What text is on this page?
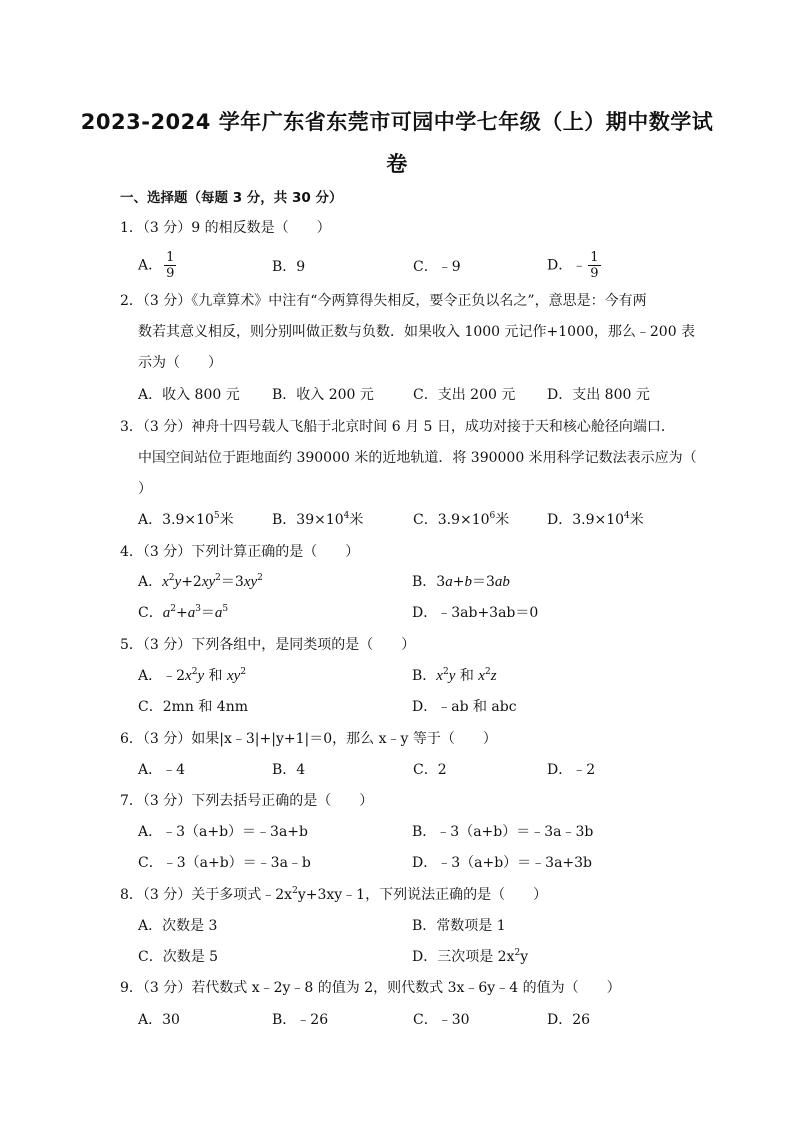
2023-2024 学年广东省东莞市可园中学七年级（上）期中数学试
卷
一、选择题（每题 3 分，共 30 分）
1．（3 分）9 的相反数是（　　）
A． $\frac{1}{9}$	B．9	C．﹣9	D．﹣ $\frac{1}{9}$
2．（3 分）《九章算术》中注有“今两算得失相反，要令正负以名之”，意思是：今有两
数若其意义相反，则分别叫做正数与负数．如果收入 1000 元记作+1000，那么﹣200 表
示为（　　）
A．收入 800 元 B．收入 200 元	C．支出 200 元 D．支出 800 元
3．（3 分）神舟十四号载人飞船于北京时间 6 月 5 日，成功对接于天和核心舱径向端口．
中国空间站位于距地面约 390000 米的近地轨道．将 390000 米用科学记数法表示应为（
）
A．$3.9\times 10^5$米	B．$39\times 10^4$米	C．$3.9\times 10^6$米	D．$3.9\times 10^4$米
4．（3 分）下列计算正确的是（　　）
A．$x^2y+2xy^2=3xy^2$	B．3a+b＝3ab
C．$a^2+a^3=a^5$	D．﹣3ab+3ab＝0
5．（3 分）下列各组中，是同类项的是（　　）
A．$﹣2x^2y$ 和 $xy^2$	B．$x^2y$ 和 $x^2z$
C．2mn 和 4nm	D．﹣ab 和 abc
6．（3 分）如果|x﹣3|+|y+1|＝0，那么 x﹣y 等于（　　）
A．﹣4	B．4	C．2	D．﹣2
7．（3 分）下列去括号正确的是（　　）
A．﹣3（a+b）＝﹣3a+b	B．﹣3（a+b）＝﹣3a﹣3b
C．﹣3（a+b）＝﹣3a﹣b	D．﹣3（a+b）＝﹣3a+3b
8．（3 分）关于多项式$﹣2x^2y+3xy﹣1$，下列说法正确的是（　　）
A．次数是 3	B．常数项是 1
C．次数是 5	D．三次项是 $2x^2y$
9．（3 分）若代数式 x﹣2y﹣8 的值为 2，则代数式 3x﹣6y﹣4 的值为（　　）
A．30	B．﹣26	C．﹣30	D．26
